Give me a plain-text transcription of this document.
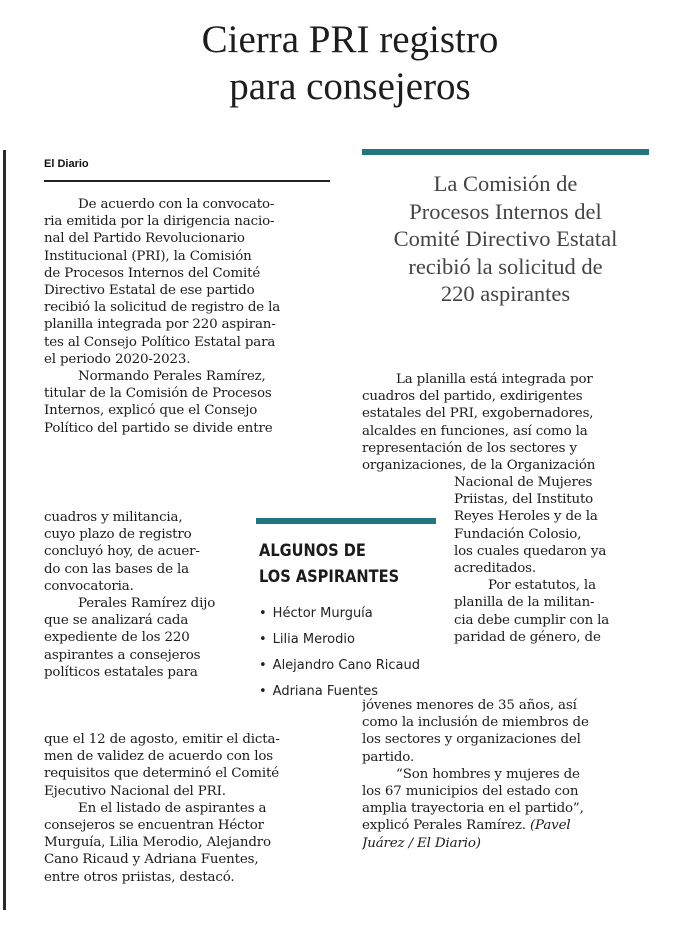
Cierra PRI registro
para consejeros
El Diario
La Comisión de
Procesos Internos del
Comité Directivo Estatal
recibió la solicitud de
220 aspirantes
De acuerdo con la convocato-
ria emitida por la dirigencia nacio-
nal del Partido Revolucionario
Institucional (PRI), la Comisión
de Procesos Internos del Comité
Directivo Estatal de ese partido
recibió la solicitud de registro de la
planilla integrada por 220 aspiran-
tes al Consejo Político Estatal para
el periodo 2020-2023.
Normando Perales Ramírez,
titular de la Comisión de Procesos
Internos, explicó que el Consejo
Político del partido se divide entre
cuadros y militancia,
cuyo plazo de registro
concluyó hoy, de acuer-
do con las bases de la
convocatoria.
Perales Ramírez dijo
que se analizará cada
expediente de los 220
aspirantes a consejeros
políticos estatales para
que el 12 de agosto, emitir el dicta-
men de validez de acuerdo con los
requisitos que determinó el Comité
Ejecutivo Nacional del PRI.
En el listado de aspirantes a
consejeros se encuentran Héctor
Murguía, Lilia Merodio, Alejandro
Cano Ricaud y Adriana Fuentes,
entre otros priistas, destacó.
ALGUNOS DE
LOS ASPIRANTES
• Héctor Murguía
• Lilia Merodio
• Alejandro Cano Ricaud
• Adriana Fuentes
La planilla está integrada por
cuadros del partido, exdirigentes
estatales del PRI, exgobernadores,
alcaldes en funciones, así como la
representación de los sectores y
organizaciones, de la Organización
Nacional de Mujeres
Priistas, del Instituto
Reyes Heroles y de la
Fundación Colosio,
los cuales quedaron ya
acreditados.
Por estatutos, la
planilla de la militan-
cia debe cumplir con la
paridad de género, de
jóvenes menores de 35 años, así
como la inclusión de miembros de
los sectores y organizaciones del
partido.
“Son hombres y mujeres de
los 67 municipios del estado con
amplia trayectoria en el partido”,
explicó Perales Ramírez. (Pavel
Juárez / El Diario)
